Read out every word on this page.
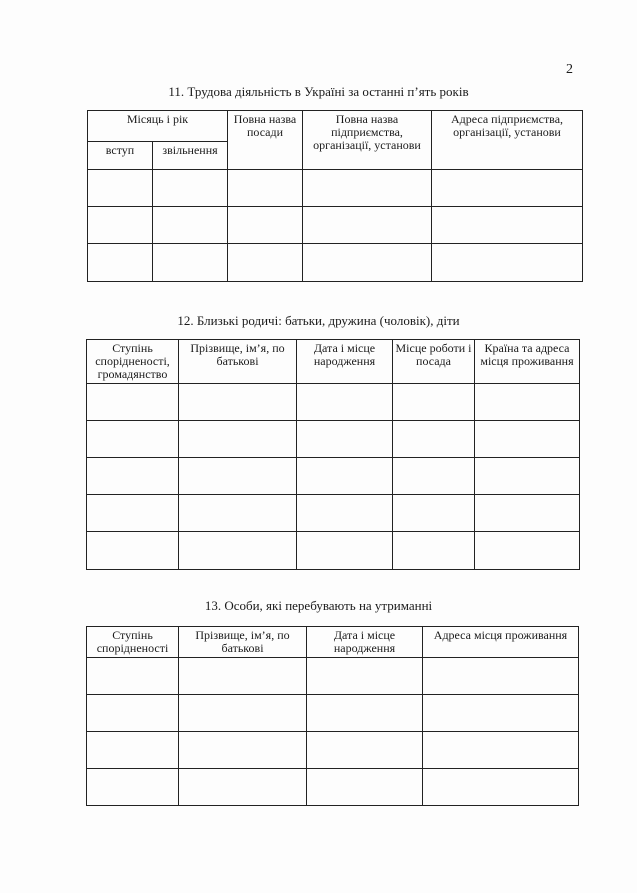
2
11. Трудова діяльність в Україні за останні п’ять років
Місяць і рік		Повна назва посади	Повна назва підприємства, організації, установи	Адреса підприємства, організації, установи
вступ	звільнення			

12. Близькі родичі: батьки, дружина (чоловік), діти
Ступінь спорідненості, громадянство	Прізвище, ім’я, по батькові	Дата і місце народження	Місце роботи і посада	Країна та адреса місця проживання

13. Особи, які перебувають на утриманні
Ступінь спорідненості	Прізвище, ім’я, по батькові	Дата і місце народження	Адреса місця проживання
